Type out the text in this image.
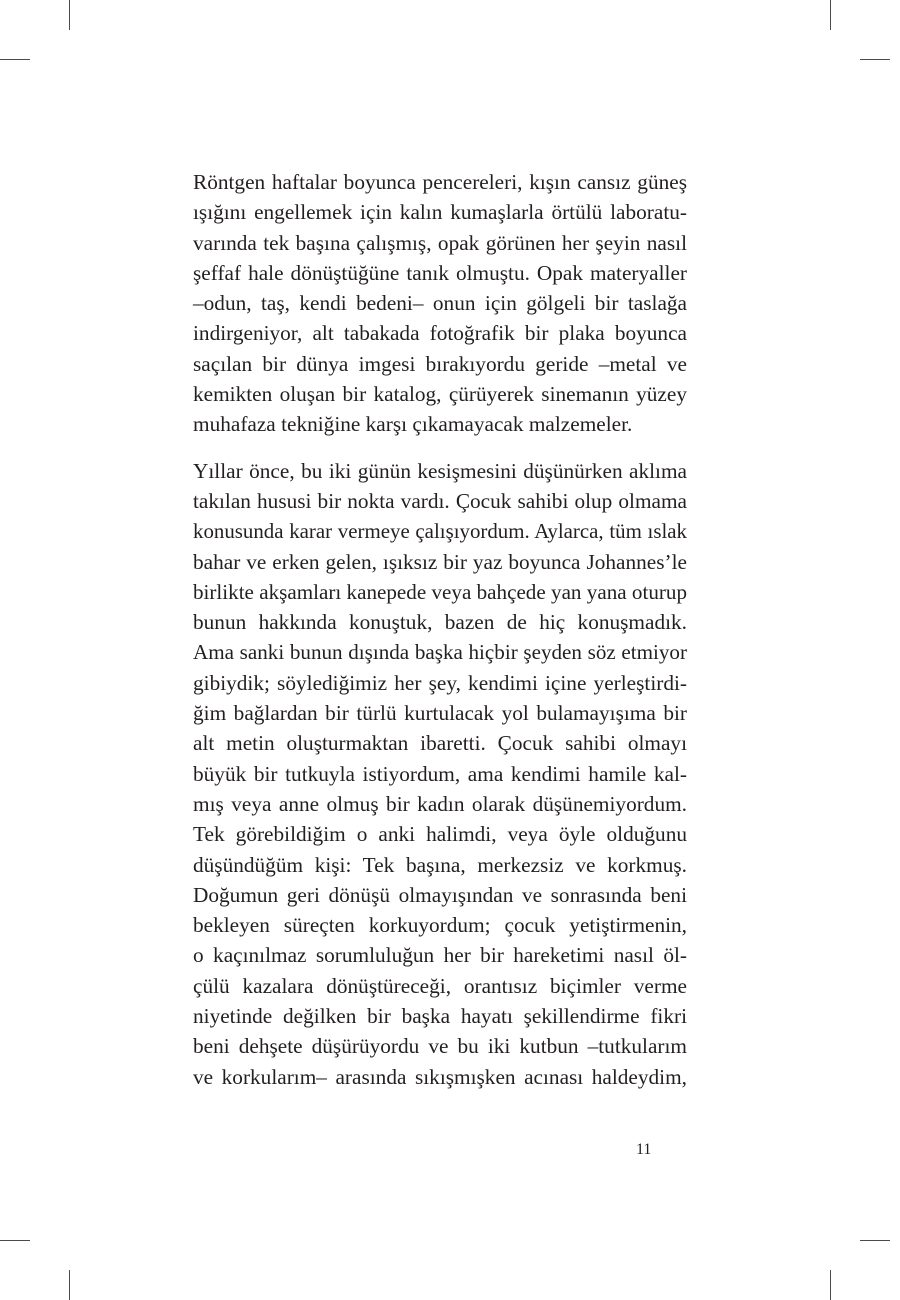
Röntgen haftalar boyunca pencereleri, kışın cansız güneş
ışığını engellemek için kalın kumaşlarla örtülü laboratu-
varında tek başına çalışmış, opak görünen her şeyin nasıl
şeffaf hale dönüştüğüne tanık olmuştu. Opak materyaller
–odun, taş, kendi bedeni– onun için gölgeli bir taslağa
indirgeniyor, alt tabakada fotoğrafik bir plaka boyunca
saçılan bir dünya imgesi bırakıyordu geride –metal ve
kemikten oluşan bir katalog, çürüyerek sinemanın yüzey
muhafaza tekniğine karşı çıkamayacak malzemeler.
Yıllar önce, bu iki günün kesişmesini düşünürken aklıma
takılan hususi bir nokta vardı. Çocuk sahibi olup olmama
konusunda karar vermeye çalışıyordum. Aylarca, tüm ıslak
bahar ve erken gelen, ışıksız bir yaz boyunca Johannes’le
birlikte akşamları kanepede veya bahçede yan yana oturup
bunun hakkında konuştuk, bazen de hiç konuşmadık.
Ama sanki bunun dışında başka hiçbir şeyden söz etmiyor
gibiydik; söylediğimiz her şey, kendimi içine yerleştirdi-
ğim bağlardan bir türlü kurtulacak yol bulamayışıma bir
alt metin oluşturmaktan ibaretti. Çocuk sahibi olmayı
büyük bir tutkuyla istiyordum, ama kendimi hamile kal-
mış veya anne olmuş bir kadın olarak düşünemiyordum.
Tek görebildiğim o anki halimdi, veya öyle olduğunu
düşündüğüm kişi: Tek başına, merkezsiz ve korkmuş.
Doğumun geri dönüşü olmayışından ve sonrasında beni
bekleyen süreçten korkuyordum; çocuk yetiştirmenin,
o kaçınılmaz sorumluluğun her bir hareketimi nasıl öl-
çülü kazalara dönüştüreceği, orantısız biçimler verme
niyetinde değilken bir başka hayatı şekillendirme fikri
beni dehşete düşürüyordu ve bu iki kutbun –tutkularım
ve korkularım– arasında sıkışmışken acınası haldeydim,
11
